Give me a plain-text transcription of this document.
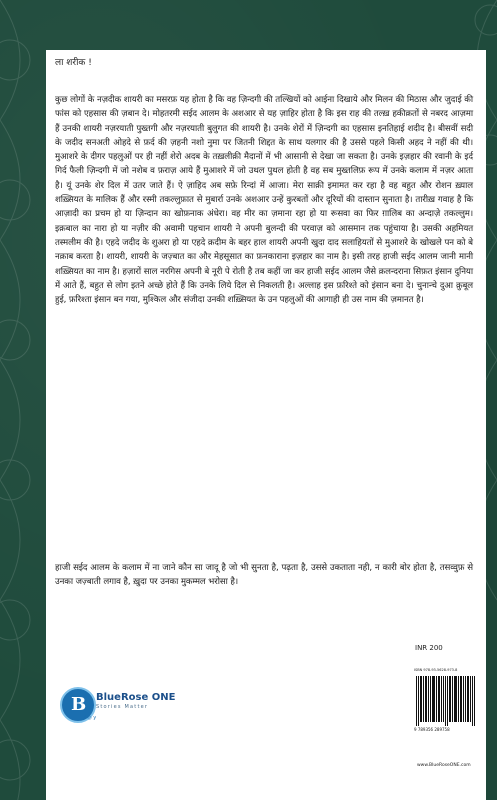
ला शरीक !

कुछ लोगों के नज़दीक शायरी का मसरफ़ यह होता है कि वह ज़िन्दगी की तल्खियों को आईना दिखाये और मिलन की मिठास और जुदाई की फांस को एहसास की ज़बान दे। मोहतरमी सईद आलम के अशआर से यह ज़ाहिर होता है कि इस राह की तल्ख़ हकीक़तों से नबरद आज़मा हैं उनकी शायरी नज़रयाती पुख्तगी और नज़रयाती बुलुगत की शायरी है। उनके शेरों में ज़िन्दगी का एहसास इनतिहाई शदीद है। बीसवीं सदी के जदीद सनअती ओहदे से फ़र्द की ज़हनी नशो नुमा पर जितनी शिद्दत के साथ यलगार की है उससे पहले किसी अहद ने नहीं की थी। मुआशरे के दीगर पहलुओं पर ही नहीं शेरो अदब के तख़लीक़ी मैदानों में भी आसानी से देखा जा सकता है। उनके इज़हार की रवानी के इर्द गिर्द फैली ज़िन्दगी में जो नशेब व फ़राज़ आये हैं मुआशरे में जो उथल पुथल होती है वह सब मुख्तलिफ़ रूप में उनके कलाम में नज़र आता है। यूं उनके शेर दिल में उतर जाते हैं। ऐ ज़ाहिद अब सफ़े रिन्दां में आजा। मेरा साक़ी इमामत कर रहा है वह बहुत और रोशन ख़्याल शख़्सियत के मालिक हैं और रस्मी तकल्लुफ़ात से मुबार्रा उनके अशआर उन्हें कुरबतों और दूरियों की दास्तान सुनाता है। तारीख़ गवाह है कि आज़ादी का प्रचम हो या ज़िन्दान का खोफ़नाक अंधेरा। वह मीर का ज़माना रहा हो या रूसवा का फिर ग़ालिब का अन्दाज़े तकल्लुम। इक़बाल का नारा हो या नज़ीर की अवामी पहचान शायरी ने अपनी बुलन्दी की परवाज़ को आसमान तक पहुंचाया है। उसकी अहमियत तस्मलीम की है। एहदे जदीद के शुअरा हो या एहदे क़दीम के बहर हाल शायरी अपनी खुदा दाद सलाहियतों से मुआशरे के खोखले पन को बे नक़ाब करता है। शायरी, शायरी के जज़्बात का और मेहसूसात का फ़नकाराना इज़हार का नाम है। इसी तरह हाजी सईद आलम जानी मानी शख़्सियत का नाम है। हज़ारों साल नरगिस अपनी बे नूरी पे रोती है तब कहीं जा कर हाजी सईद आलम जैसे क़लन्दराना सिफ़त इंसान दुनिया में आते हैं, बहुत से लोग इतने अच्छे होते हैं कि उनके लिये दिल से निकलती है। अल्लाह इस फ़रिश्ते को इंसान बना दे। चुनान्चे दुआ क़ुबूल हुई, फ़रिश्ता इंसान बन गया, मुश्किल और संजीदा उनकी शख़्सियत के उन पहलुओं की आगाही ही उस नाम की ज़मानत है।

हाजी सईद आलम के कलाम में ना जाने कौन सा जादू है जो भी सुनता है, पढ़ता है, उससे उकताता नही, न कारी बोर होता है, तसव्वुफ़ से उनका जज़्बाती लगाव है, ख़ुदा पर उनका मुकम्मल भरोसा है।

B BlueRose ONE
Stories Matter
f ◎ y
INR 200
ISBN 978-93-5628-973-8
9 789356 289758
www.BlueRoseONE.com
